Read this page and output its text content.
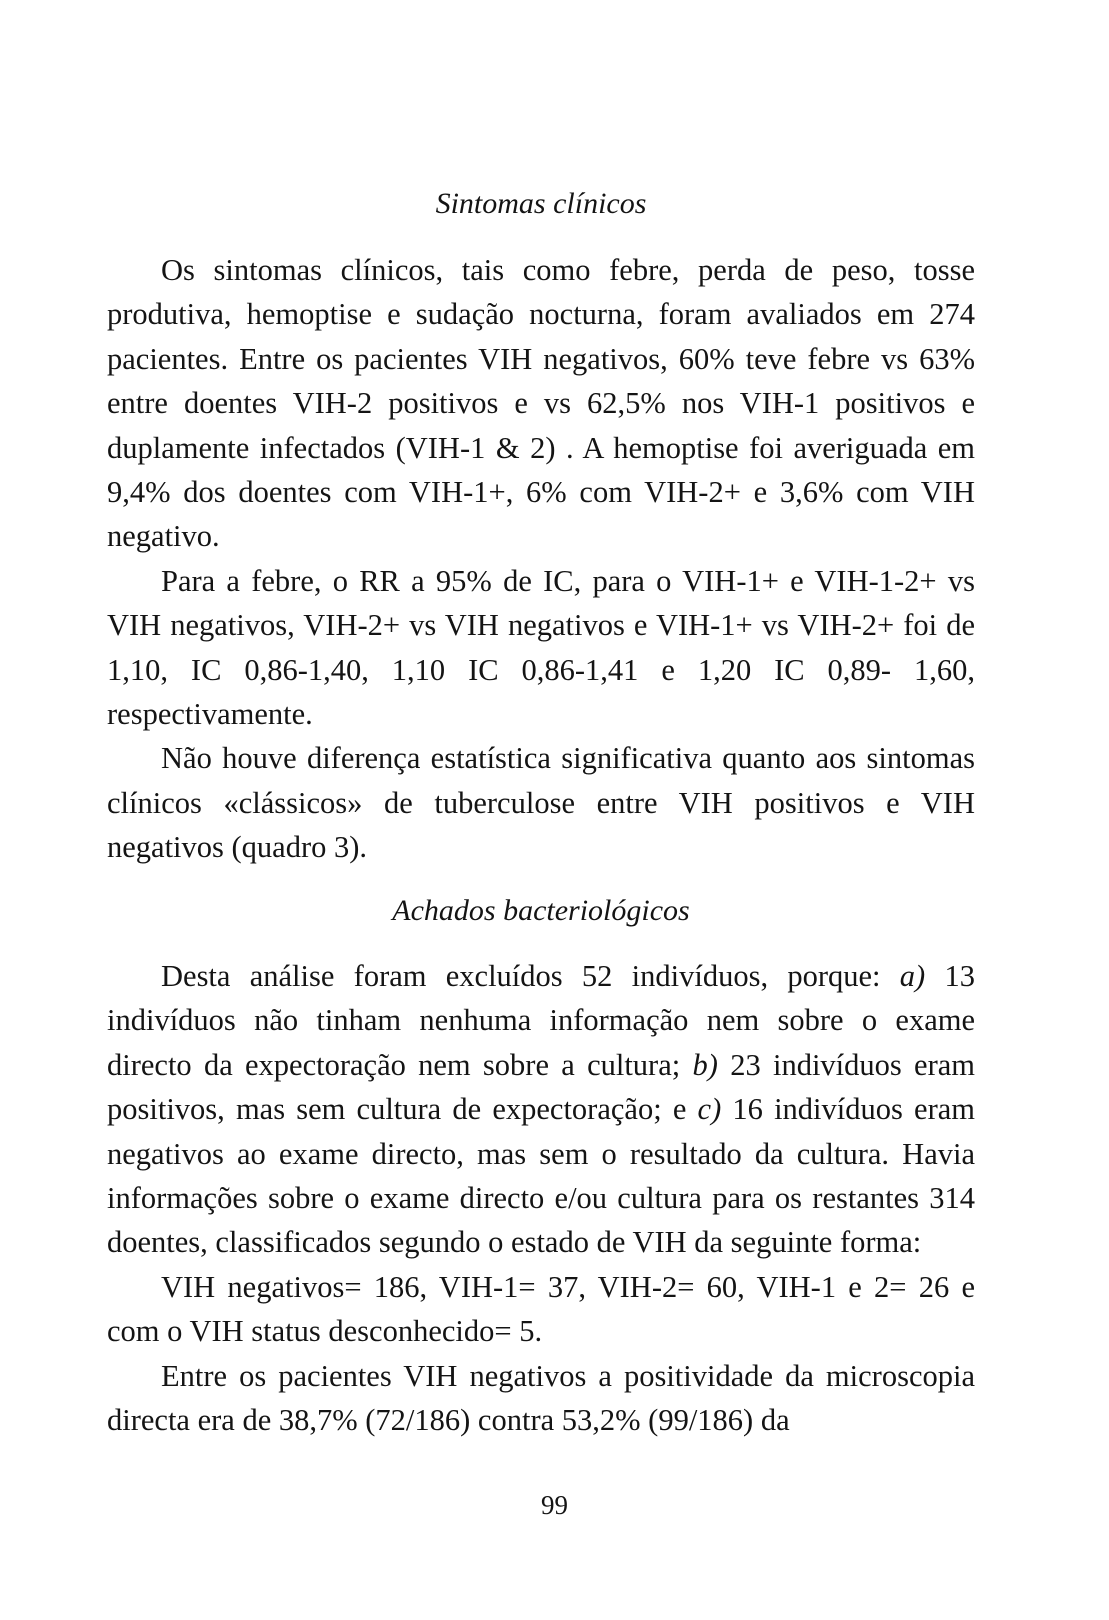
Sintomas clínicos

Os sintomas clínicos, tais como febre, perda de peso, tosse produtiva, hemoptise e sudação nocturna, foram avaliados em 274 pacientes. Entre os pacientes VIH negativos, 60% teve febre vs 63% entre doentes VIH-2 positivos e vs 62,5% nos VIH-1 positivos e duplamente infectados (VIH-1 & 2) . A hemoptise foi averiguada em 9,4% dos doentes com VIH-1+, 6% com VIH-2+ e 3,6% com VIH negativo.

Para a febre, o RR a 95% de IC, para o VIH-1+ e VIH-1-2+ vs VIH negativos, VIH-2+ vs VIH negativos e VIH-1+ vs VIH-2+ foi de 1,10, IC 0,86-1,40, 1,10 IC 0,86-1,41 e 1,20 IC 0,89- 1,60, respectivamente.

Não houve diferença estatística significativa quanto aos sintomas clínicos «clássicos» de tuberculose entre VIH positivos e VIH negativos (quadro 3).

Achados bacteriológicos

Desta análise foram excluídos 52 indivíduos, porque: a) 13 indivíduos não tinham nenhuma informação nem sobre o exame directo da expectoração nem sobre a cultura; b) 23 indivíduos eram positivos, mas sem cultura de expectoração; e c) 16 indivíduos eram negativos ao exame directo, mas sem o resultado da cultura. Havia informações sobre o exame directo e/ou cultura para os restantes 314 doentes, classificados segundo o estado de VIH da seguinte forma:

VIH negativos= 186, VIH-1= 37, VIH-2= 60, VIH-1 e 2= 26 e com o VIH status desconhecido= 5.

Entre os pacientes VIH negativos a positividade da microscopia directa era de 38,7% (72/186) contra 53,2% (99/186) da

99
